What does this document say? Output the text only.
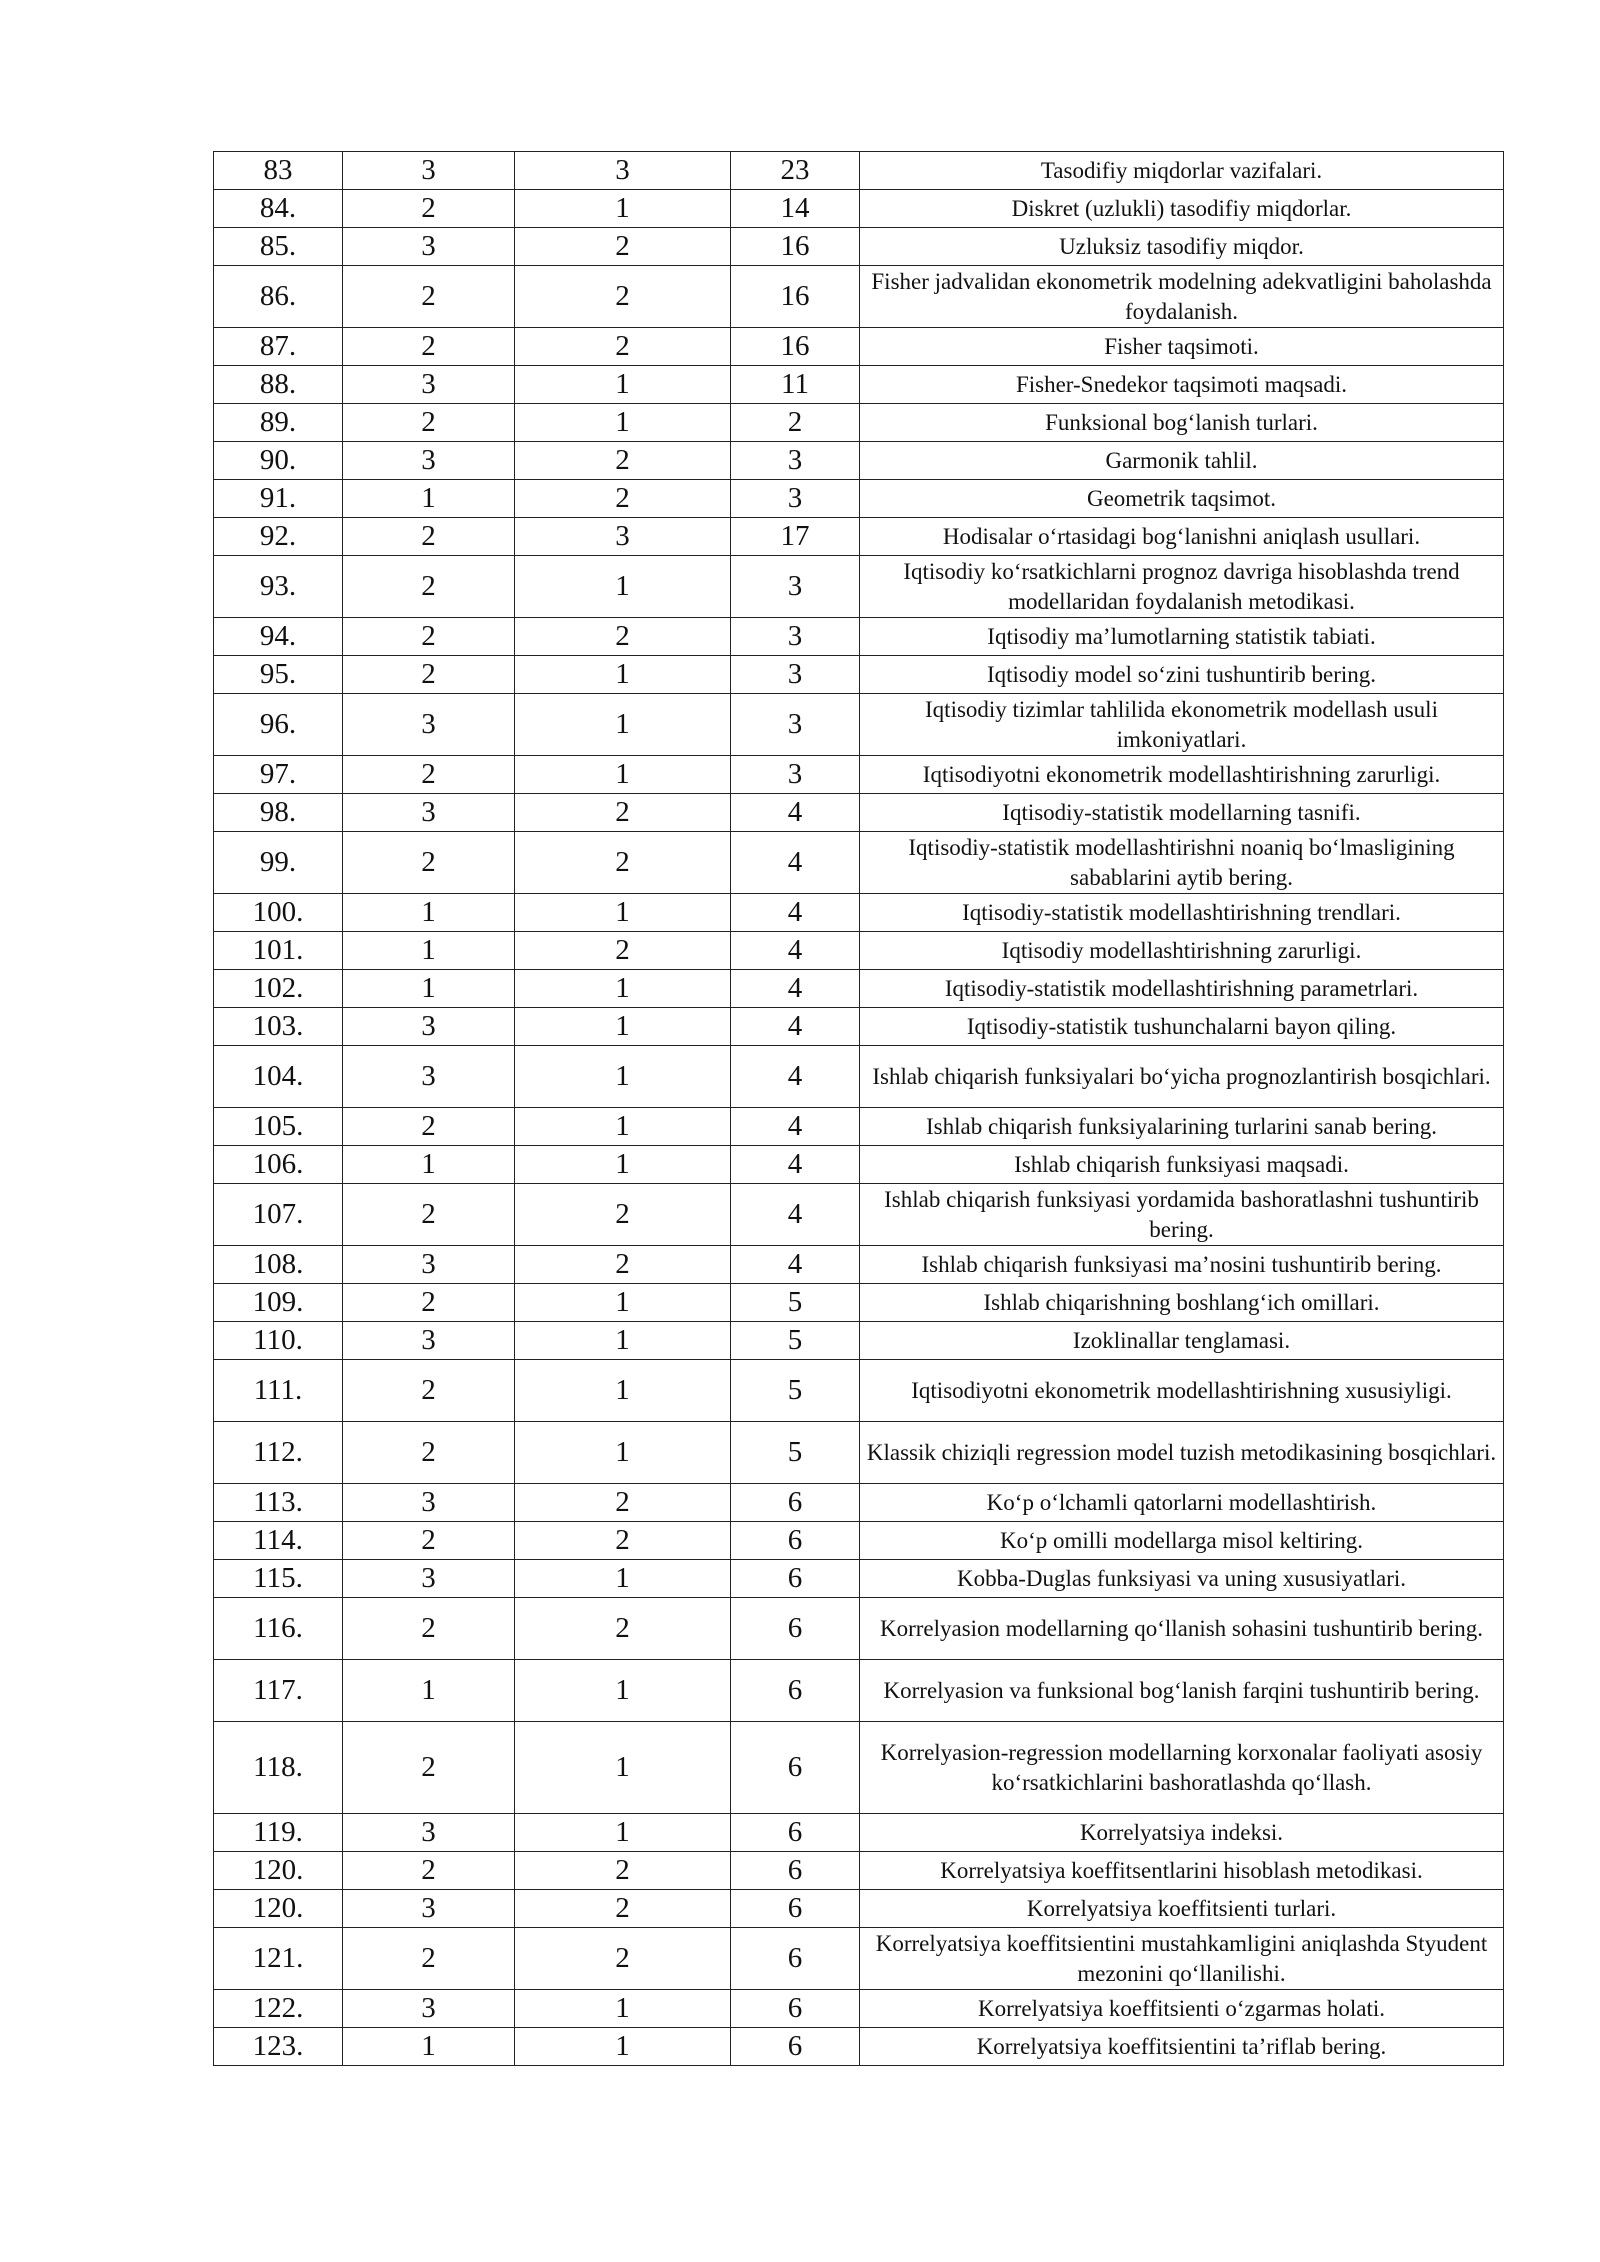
83	3	3	23	Tasodifiy miqdorlar vazifalari.
84.	2	1	14	Diskret (uzlukli) tasodifiy miqdorlar.
85.	3	2	16	Uzluksiz tasodifiy miqdor.
86.	2	2	16	Fisher jadvalidan ekonometrik modelning adekvatligini baholashda foydalanish.
87.	2	2	16	Fisher taqsimoti.
88.	3	1	11	Fisher-Snedekor taqsimoti maqsadi.
89.	2	1	2	Funksional bog‘lanish turlari.
90.	3	2	3	Garmonik tahlil.
91.	1	2	3	Geometrik taqsimot.
92.	2	3	17	Hodisalar o‘rtasidagi bog‘lanishni aniqlash usullari.
93.	2	1	3	Iqtisodiy ko‘rsatkichlarni prognoz davriga hisoblashda trend modellaridan foydalanish metodikasi.
94.	2	2	3	Iqtisodiy ma’lumotlarning statistik tabiati.
95.	2	1	3	Iqtisodiy model so‘zini tushuntirib bering.
96.	3	1	3	Iqtisodiy tizimlar tahlilida ekonometrik modellash usuli imkoniyatlari.
97.	2	1	3	Iqtisodiyotni ekonometrik modellashtirishning zarurligi.
98.	3	2	4	Iqtisodiy-statistik modellarning tasnifi.
99.	2	2	4	Iqtisodiy-statistik modellashtirishni noaniq bo‘lmasligining sabablarini aytib bering.
100.	1	1	4	Iqtisodiy-statistik modellashtirishning trendlari.
101.	1	2	4	Iqtisodiy modellashtirishning zarurligi.
102.	1	1	4	Iqtisodiy-statistik modellashtirishning parametrlari.
103.	3	1	4	Iqtisodiy-statistik tushunchalarni bayon qiling.
104.	3	1	4	Ishlab chiqarish funksiyalari bo‘yicha prognozlantirish bosqichlari.
105.	2	1	4	Ishlab chiqarish funksiyalarining turlarini sanab bering.
106.	1	1	4	Ishlab chiqarish funksiyasi maqsadi.
107.	2	2	4	Ishlab chiqarish funksiyasi yordamida bashoratlashni tushuntirib bering.
108.	3	2	4	Ishlab chiqarish funksiyasi ma’nosini tushuntirib bering.
109.	2	1	5	Ishlab chiqarishning boshlang‘ich omillari.
110.	3	1	5	Izoklinallar tenglamasi.
111.	2	1	5	Iqtisodiyotni ekonometrik modellashtirishning xususiyligi.
112.	2	1	5	Klassik chiziqli regression model tuzish metodikasining bosqichlari.
113.	3	2	6	Ko‘p o‘lchamli qatorlarni modellashtirish.
114.	2	2	6	Ko‘p omilli modellarga misol keltiring.
115.	3	1	6	Kobba-Duglas funksiyasi va uning xususiyatlari.
116.	2	2	6	Korrelyasion modellarning qo‘llanish sohasini tushuntirib bering.
117.	1	1	6	Korrelyasion va funksional bog‘lanish farqini tushuntirib bering.
118.	2	1	6	Korrelyasion-regression modellarning korxonalar faoliyati asosiy ko‘rsatkichlarini bashoratlashda qo‘llash.
119.	3	1	6	Korrelyatsiya indeksi.
120.	2	2	6	Korrelyatsiya koeffitsentlarini hisoblash metodikasi.
120.	3	2	6	Korrelyatsiya koeffitsienti turlari.
121.	2	2	6	Korrelyatsiya koeffitsientini mustahkamligini aniqlashda Styudent mezonini qo‘llanilishi.
122.	3	1	6	Korrelyatsiya koeffitsienti o‘zgarmas holati.
123.	1	1	6	Korrelyatsiya koeffitsientini ta’riflab bering.
